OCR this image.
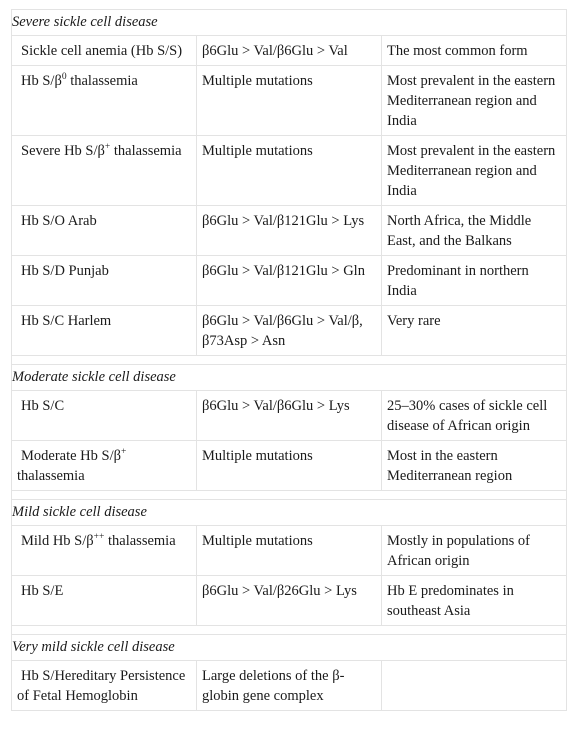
Severe sickle cell disease		
Sickle cell anemia (Hb S/S)	β6Glu > Val/β6Glu > Val	The most common form
Hb $S/\beta^0$ thalassemia	Multiple mutations	Most prevalent in the eastern Mediterranean region and India
Severe Hb S/β+ thalassemia	Multiple mutations	Most prevalent in the eastern Mediterranean region and India
Hb S/O Arab	β6Glu > Val/β121Glu > Lys	North Africa, the Middle East, and the Balkans
Hb S/D Punjab	β6Glu > Val/β121Glu > Gln	Predominant in northern India
Hb S/C Harlem	β6Glu > Val/β6Glu > Val/β, β73Asp > Asn	Very rare

Moderate sickle cell disease		
Hb S/C	β6Glu > Val/β6Glu > Lys	25–30% cases of sickle cell disease of African origin
Moderate Hb S/β+ thalassemia	Multiple mutations	Most in the eastern Mediterranean region

Mild sickle cell disease		
Mild Hb S/β++ thalassemia	Multiple mutations	Mostly in populations of African origin
Hb S/E	β6Glu > Val/β26Glu > Lys	Hb E predominates in southeast Asia

Very mild sickle cell disease		
Hb S/Hereditary Persistence of Fetal Hemoglobin	Large deletions of the β-globin gene complex	
